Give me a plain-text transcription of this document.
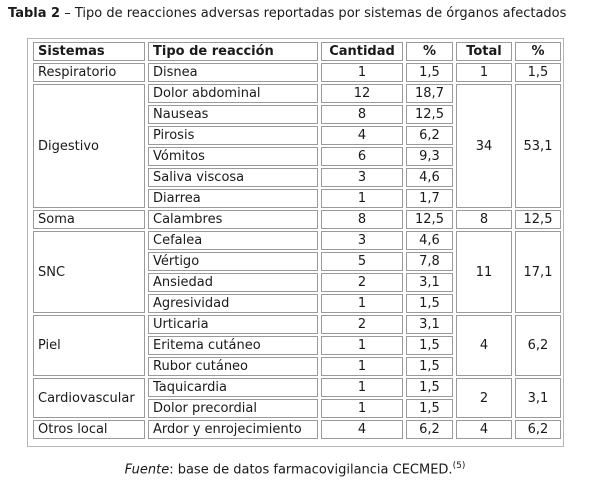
Tabla 2 – Tipo de reacciones adversas reportadas por sistemas de órganos afectados
Sistemas	Tipo de reacción	Cantidad	%	Total	%
Respiratorio	Disnea	1	1,5	1	1,5
Digestivo	Dolor abdominal	12	18,7	34	53,1
	Nauseas	8	12,5		
	Pirosis	4	6,2		
	Vómitos	6	9,3		
	Saliva viscosa	3	4,6		
	Diarrea	1	1,7		
Soma	Calambres	8	12,5	8	12,5
SNC	Cefalea	3	4,6	11	17,1
	Vértigo	5	7,8		
	Ansiedad	2	3,1		
	Agresividad	1	1,5		
Piel	Urticaria	2	3,1	4	6,2
	Eritema cutáneo	1	1,5		
	Rubor cutáneo	1	1,5		
Cardiovascular	Taquicardia	1	1,5	2	3,1
	Dolor precordial	1	1,5		
Otros local	Ardor y enrojecimiento	4	6,2	4	6,2
Fuente: base de datos farmacovigilancia CECMED.$^{(5)}$
